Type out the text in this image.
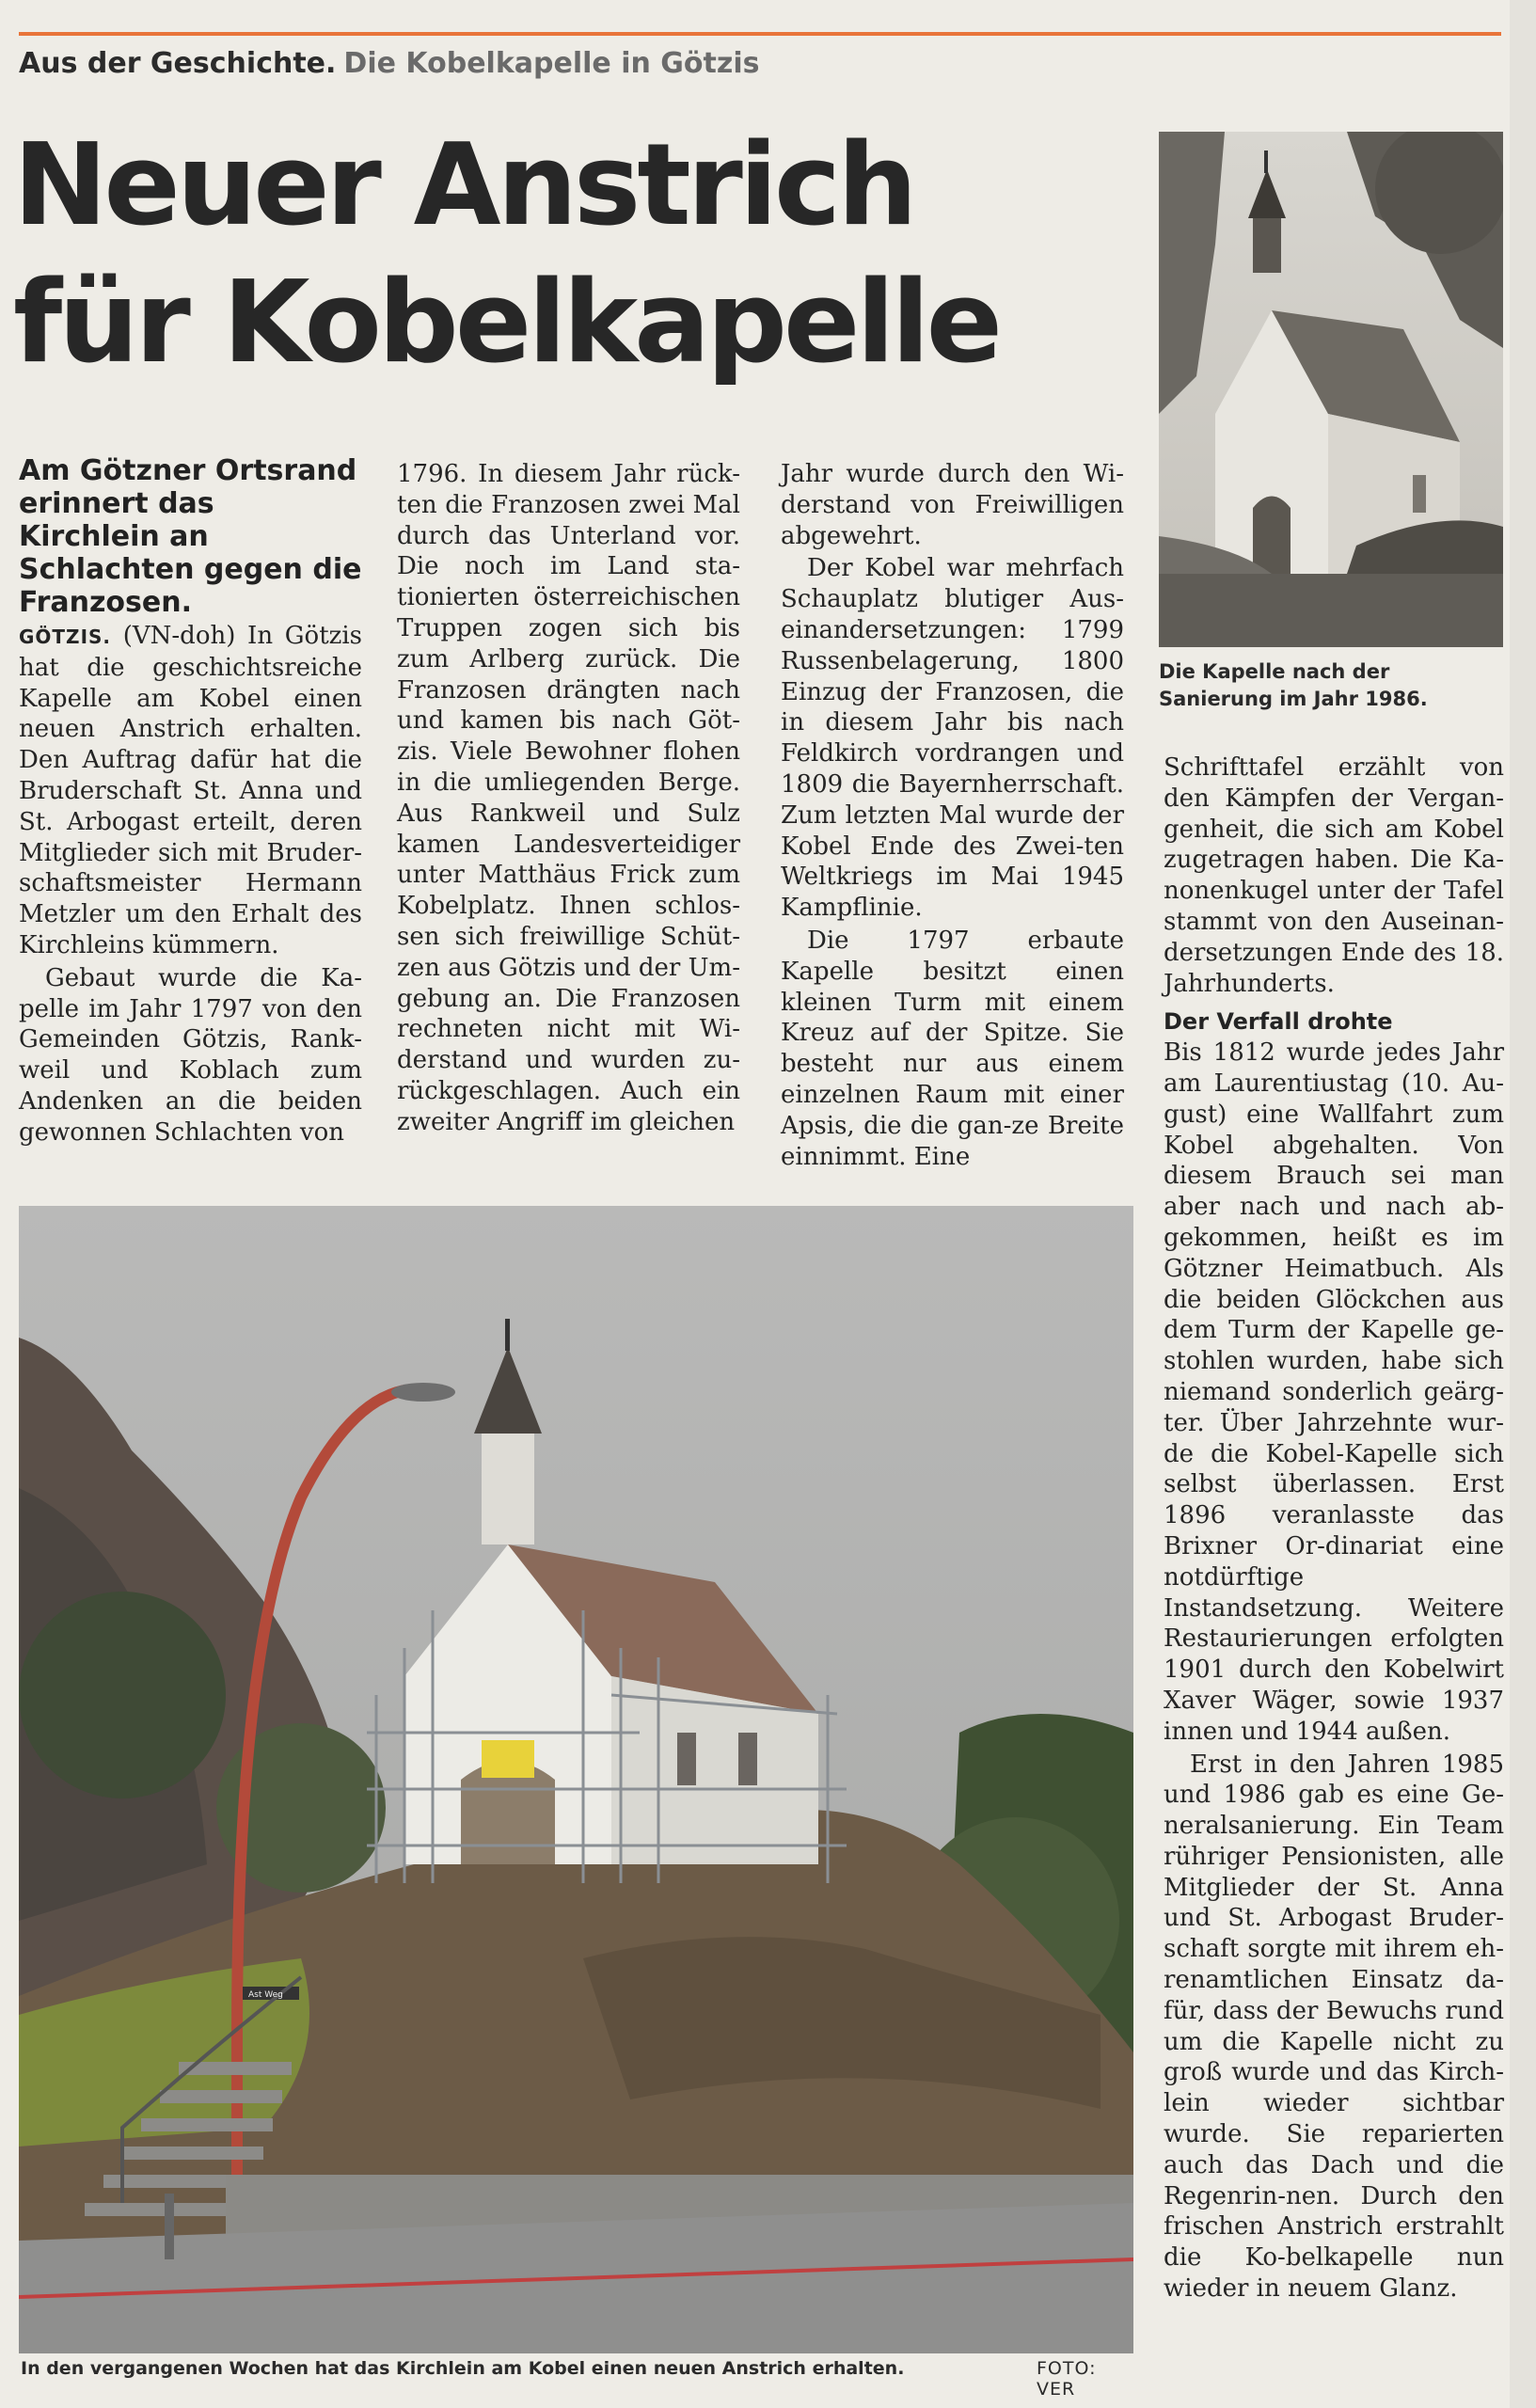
Aus der Geschichte. Die Kobelkapelle in Götzis
Neuer Anstrich
für Kobelkapelle
Die Kapelle nach der Sanierung im Jahr 1986.
Am Götzner Ortsrand erinnert das Kirchlein an Schlachten gegen die Franzosen.

GÖTZIS. (VN-doh) In Götzis hat die geschichtsreiche Kapelle am Kobel einen neuen Anstrich erhalten. Den Auftrag dafür hat die Bruderschaft St. Anna und St. Arbogast erteilt, deren Mitglieder sich mit Bruder-schaftsmeister Hermann Metzler um den Erhalt des Kirchleins kümmern.

Gebaut wurde die Ka-pelle im Jahr 1797 von den Gemeinden Götzis, Rank-weil und Koblach zum Andenken an die beiden gewonnen Schlachten von

1796. In diesem Jahr rück-ten die Franzosen zwei Mal durch das Unterland vor. Die noch im Land sta-tionierten österreichischen Truppen zogen sich bis zum Arlberg zurück. Die Franzosen drängten nach und kamen bis nach Göt-zis. Viele Bewohner flohen in die umliegenden Berge. Aus Rankweil und Sulz kamen Landesverteidiger unter Matthäus Frick zum Kobelplatz. Ihnen schlos-sen sich freiwillige Schüt-zen aus Götzis und der Um-gebung an. Die Franzosen rechneten nicht mit Wi-derstand und wurden zu-rückgeschlagen. Auch ein zweiter Angriff im gleichen

Jahr wurde durch den Wi-derstand von Freiwilligen abgewehrt.

Der Kobel war mehrfach Schauplatz blutiger Aus-einandersetzungen: 1799 Russenbelagerung, 1800 Einzug der Franzosen, die in diesem Jahr bis nach Feldkirch vordrangen und 1809 die Bayernherrschaft. Zum letzten Mal wurde der Kobel Ende des Zwei-ten Weltkriegs im Mai 1945 Kampflinie.

Die 1797 erbaute Kapelle besitzt einen kleinen Turm mit einem Kreuz auf der Spitze. Sie besteht nur aus einem einzelnen Raum mit einer Apsis, die die gan-ze Breite einnimmt. Eine

Schrifttafel erzählt von den Kämpfen der Vergan-genheit, die sich am Kobel zugetragen haben. Die Ka-nonenkugel unter der Tafel stammt von den Auseinan-dersetzungen Ende des 18. Jahrhunderts.

Der Verfall drohte

Bis 1812 wurde jedes Jahr am Laurentiustag (10. Au-gust) eine Wallfahrt zum Kobel abgehalten. Von diesem Brauch sei man aber nach und nach ab-gekommen, heißt es im Götzner Heimatbuch. Als die beiden Glöckchen aus dem Turm der Kapelle ge-stohlen wurden, habe sich niemand sonderlich geärg-ter. Über Jahrzehnte wur-de die Kobel-Kapelle sich selbst überlassen. Erst 1896 veranlasste das Brixner Or-dinariat eine notdürftige Instandsetzung. Weitere Restaurierungen erfolgten 1901 durch den Kobelwirt Xaver Wäger, sowie 1937 innen und 1944 außen.

Erst in den Jahren 1985 und 1986 gab es eine Ge-neralsanierung. Ein Team rühriger Pensionisten, alle Mitglieder der St. Anna und St. Arbogast Bruder-schaft sorgte mit ihrem eh-renamtlichen Einsatz da-für, dass der Bewuchs rund um die Kapelle nicht zu groß wurde und das Kirch-lein wieder sichtbar wurde. Sie reparierten auch das Dach und die Regenrin-nen. Durch den frischen Anstrich erstrahlt die Ko-belkapelle nun wieder in neuem Glanz.

Ast Weg
In den vergangenen Wochen hat das Kirchlein am Kobel einen neuen Anstrich erhalten.	FOTO: VER
